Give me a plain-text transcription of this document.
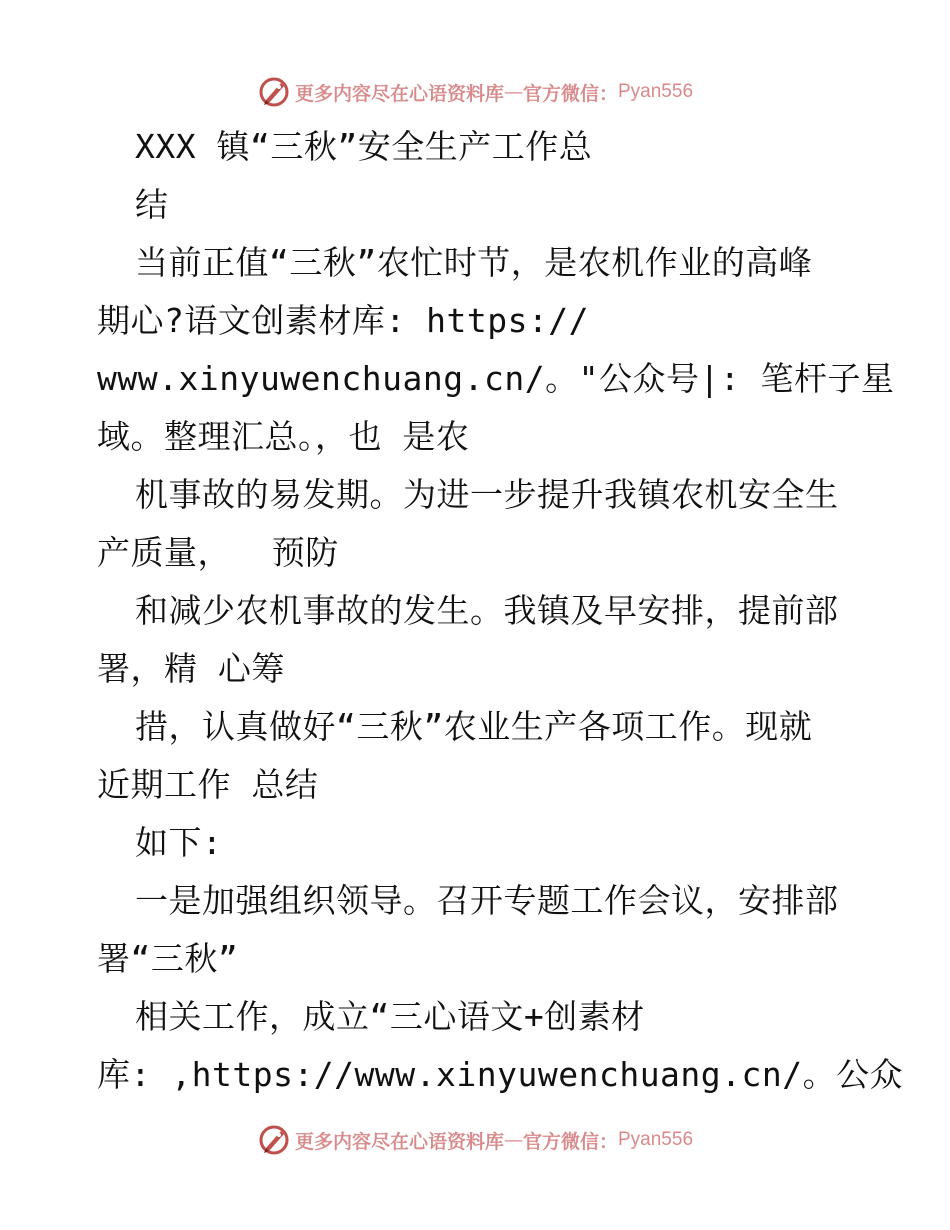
更多内容尽在心语资料库 — 官方微信： Pyan556
XXX 镇“三秋”安全生产工作总
结
当前正值“三秋”农忙时节，是农机作业的高峰
期心?语文创素材库: https://
www.xinyuwenchuang.cn/。"公众号|: 笔杆子星
域。整理汇总。，也 是农
机事故的易发期。为进一步提升我镇农机安全生
产质量，  预防
和减少农机事故的发生。我镇及早安排，提前部
署，精 心筹
措，认真做好“三秋”农业生产各项工作。现就
近期工作 总结
如下:
一是加强组织领导。召开专题工作会议，安排部
署“三秋”
相关工作，成立“三心语文+创素材
库: ,https://www.xinyuwenchuang.cn/。公众
更多内容尽在心语资料库 — 官方微信： Pyan556
